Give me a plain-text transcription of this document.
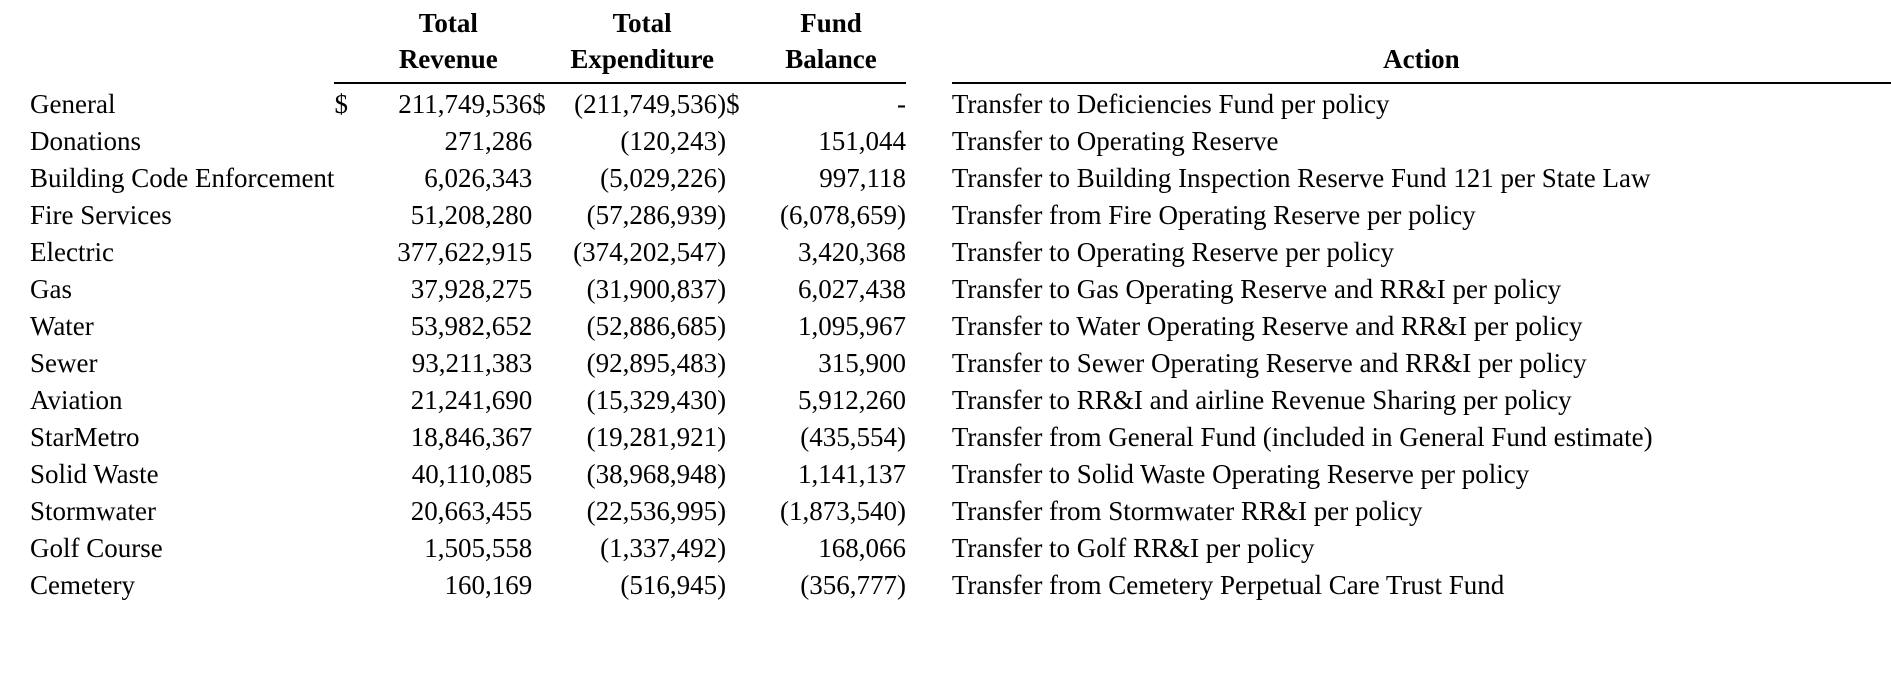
		Total		Total		Fund		
		Revenue		Expenditure		Balance		Action

General	$	211,749,536	$	(211,749,536)	$	-		Transfer to Deficiencies Fund per policy
Donations		271,286		(120,243)		151,044		Transfer to Operating Reserve
Building Code Enforcement		6,026,343		(5,029,226)		997,118		Transfer to Building Inspection Reserve Fund 121 per State Law
Fire Services		51,208,280		(57,286,939)		(6,078,659)		Transfer from Fire Operating Reserve per policy
Electric		377,622,915		(374,202,547)		3,420,368		Transfer to Operating Reserve per policy
Gas		37,928,275		(31,900,837)		6,027,438		Transfer to Gas Operating Reserve and RR&I per policy
Water		53,982,652		(52,886,685)		1,095,967		Transfer to Water Operating Reserve and RR&I per policy
Sewer		93,211,383		(92,895,483)		315,900		Transfer to Sewer Operating Reserve and RR&I per policy
Aviation		21,241,690		(15,329,430)		5,912,260		Transfer to RR&I and airline Revenue Sharing per policy
StarMetro		18,846,367		(19,281,921)		(435,554)		Transfer from General Fund (included in General Fund estimate)
Solid Waste		40,110,085		(38,968,948)		1,141,137		Transfer to Solid Waste Operating Reserve per policy
Stormwater		20,663,455		(22,536,995)		(1,873,540)		Transfer from Stormwater RR&I per policy
Golf Course		1,505,558		(1,337,492)		168,066		Transfer to Golf RR&I per policy
Cemetery		160,169		(516,945)		(356,777)		Transfer from Cemetery Perpetual Care Trust Fund
